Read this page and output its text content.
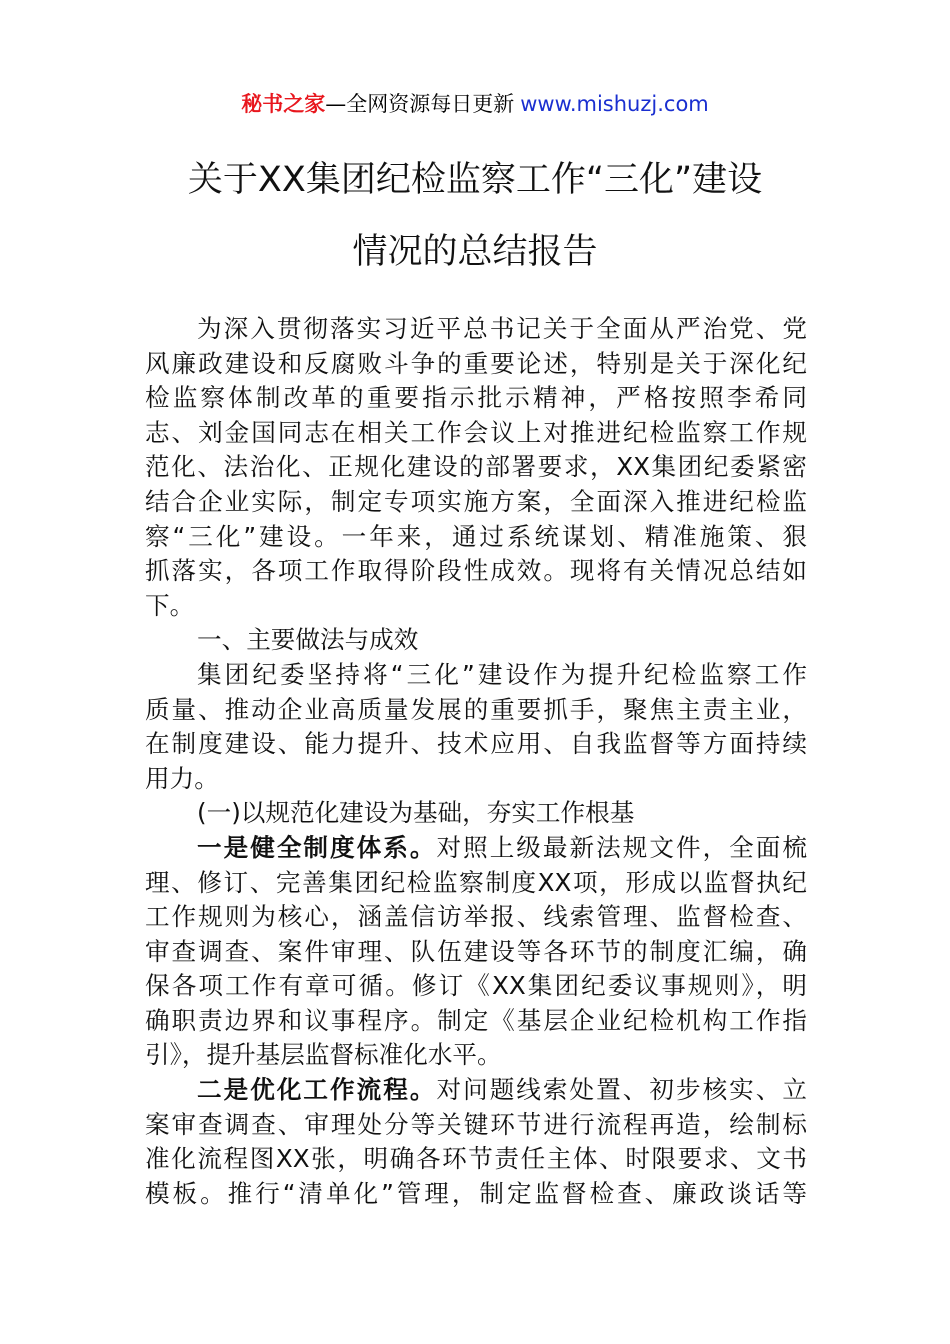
秘书之家—全网资源每日更新 www.mishuzj.com
关于XX集团纪检监察工作“三化”建设
情况的总结报告
为深入贯彻落实习近平总书记关于全面从严治党、党
风廉政建设和反腐败斗争的重要论述，特别是关于深化纪
检监察体制改革的重要指示批示精神，严格按照李希同
志、刘金国同志在相关工作会议上对推进纪检监察工作规
范化、法治化、正规化建设的部署要求，XX集团纪委紧密
结合企业实际，制定专项实施方案，全面深入推进纪检监
察“三化”建设。一年来，通过系统谋划、精准施策、狠
抓落实，各项工作取得阶段性成效。现将有关情况总结如
下。
一、主要做法与成效
集团纪委坚持将“三化”建设作为提升纪检监察工作
质量、推动企业高质量发展的重要抓手，聚焦主责主业，
在制度建设、能力提升、技术应用、自我监督等方面持续
用力。
(一)以规范化建设为基础，夯实工作根基
一是健全制度体系。对照上级最新法规文件，全面梳
理、修订、完善集团纪检监察制度XX项，形成以监督执纪
工作规则为核心，涵盖信访举报、线索管理、监督检查、
审查调查、案件审理、队伍建设等各环节的制度汇编，确
保各项工作有章可循。修订《XX集团纪委议事规则》，明
确职责边界和议事程序。制定《基层企业纪检机构工作指
引》，提升基层监督标准化水平。
二是优化工作流程。对问题线索处置、初步核实、立
案审查调查、审理处分等关键环节进行流程再造，绘制标
准化流程图XX张，明确各环节责任主体、时限要求、文书
模板。推行“清单化”管理，制定监督检查、廉政谈话等
